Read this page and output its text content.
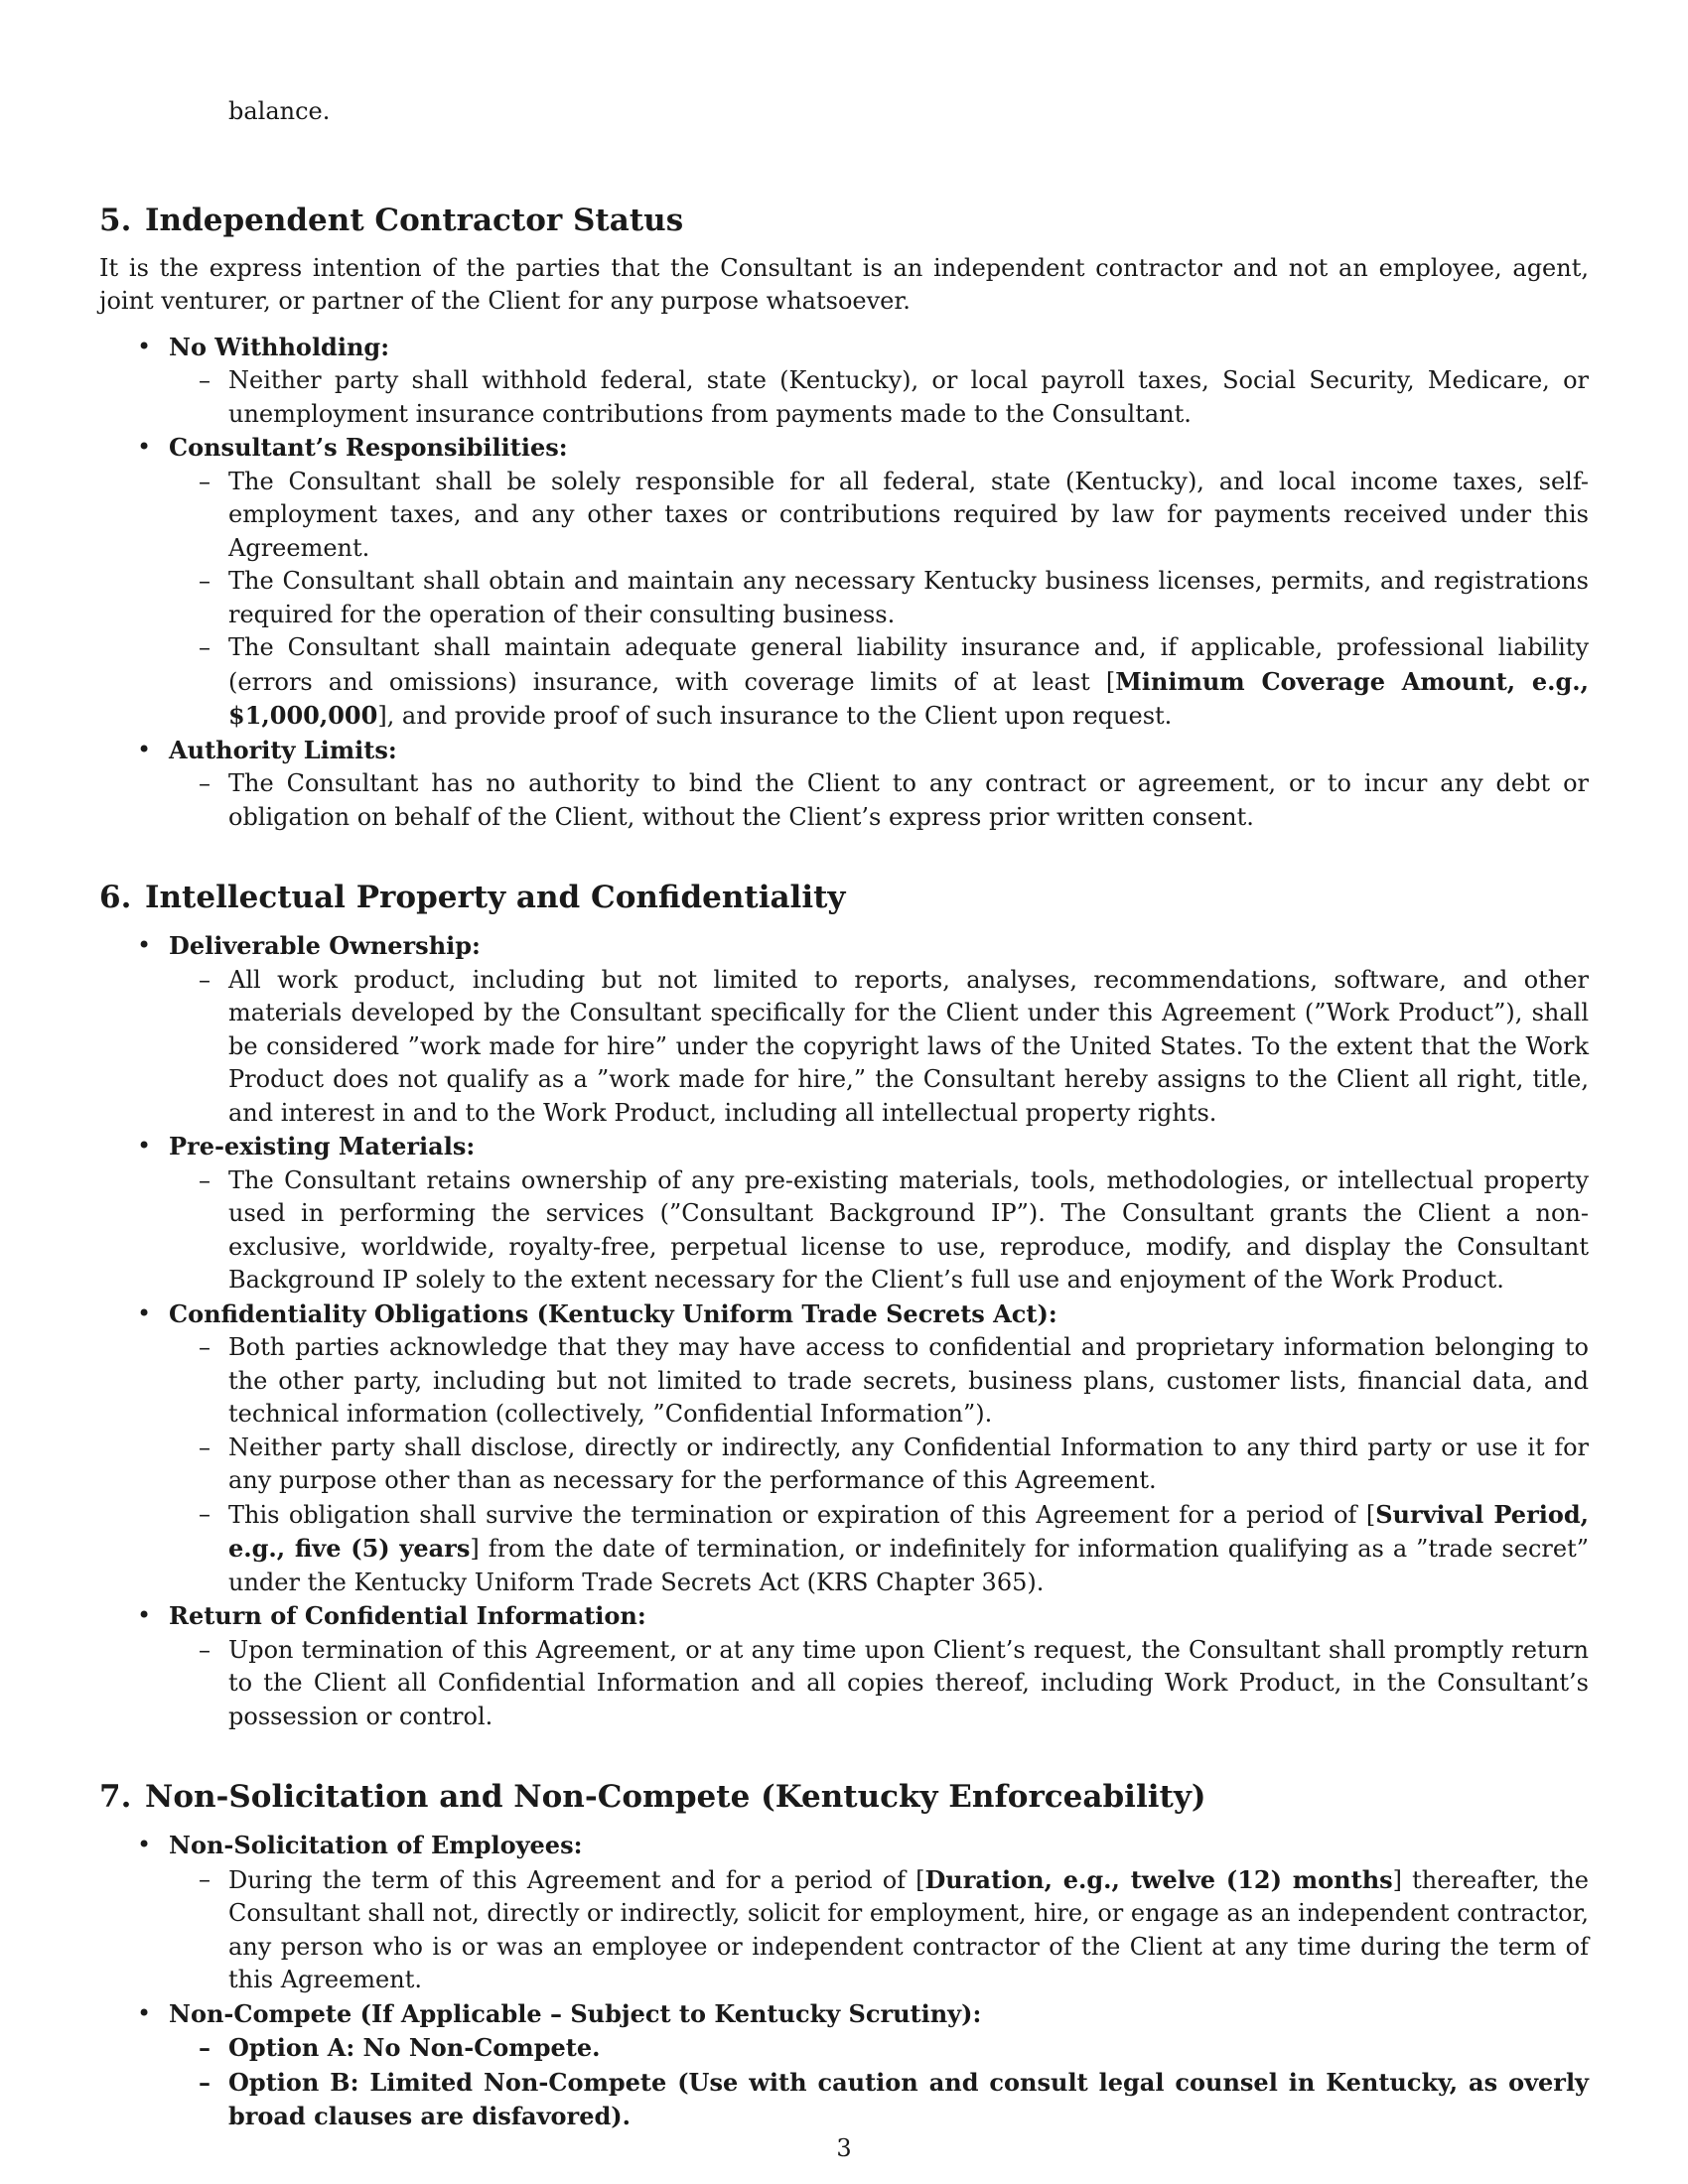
balance.

5. Independent Contractor Status

It is the express intention of the parties that the Consultant is an independent contractor and not an employee, agent, joint venturer, or partner of the Client for any purpose whatsoever.

• No Withholding:
– Neither party shall withhold federal, state (Kentucky), or local payroll taxes, Social Security, Medicare, or unemployment insurance contributions from payments made to the Consultant.
• Consultant’s Responsibilities:
– The Consultant shall be solely responsible for all federal, state (Kentucky), and local income taxes, self-employment taxes, and any other taxes or contributions required by law for payments received under this Agreement.
– The Consultant shall obtain and maintain any necessary Kentucky business licenses, permits, and registrations required for the operation of their consulting business.
– The Consultant shall maintain adequate general liability insurance and, if applicable, professional liability (errors and omissions) insurance, with coverage limits of at least [Minimum Coverage Amount, e.g., $1,000,000], and provide proof of such insurance to the Client upon request.
• Authority Limits:
– The Consultant has no authority to bind the Client to any contract or agreement, or to incur any debt or obligation on behalf of the Client, without the Client’s express prior written consent.
6. Intellectual Property and Confidentiality
• Deliverable Ownership:
– All work product, including but not limited to reports, analyses, recommendations, software, and other materials developed by the Consultant specifically for the Client under this Agreement (”Work Product”), shall be considered ”work made for hire” under the copyright laws of the United States. To the extent that the Work Product does not qualify as a ”work made for hire,” the Consultant hereby assigns to the Client all right, title, and interest in and to the Work Product, including all intellectual property rights.
• Pre-existing Materials:
– The Consultant retains ownership of any pre-existing materials, tools, methodologies, or intellectual property used in performing the services (”Consultant Background IP”). The Consultant grants the Client a non-exclusive, worldwide, royalty-free, perpetual license to use, reproduce, modify, and display the Consultant Background IP solely to the extent necessary for the Client’s full use and enjoyment of the Work Product.
• Confidentiality Obligations (Kentucky Uniform Trade Secrets Act):
– Both parties acknowledge that they may have access to confidential and proprietary information belonging to the other party, including but not limited to trade secrets, business plans, customer lists, financial data, and technical information (collectively, ”Confidential Information”).
– Neither party shall disclose, directly or indirectly, any Confidential Information to any third party or use it for any purpose other than as necessary for the performance of this Agreement.
– This obligation shall survive the termination or expiration of this Agreement for a period of [Survival Period, e.g., five (5) years] from the date of termination, or indefinitely for information qualifying as a ”trade secret” under the Kentucky Uniform Trade Secrets Act (KRS Chapter 365).
• Return of Confidential Information:
– Upon termination of this Agreement, or at any time upon Client’s request, the Consultant shall promptly return to the Client all Confidential Information and all copies thereof, including Work Product, in the Consultant’s possession or control.
7. Non-Solicitation and Non-Compete (Kentucky Enforceability)
• Non-Solicitation of Employees:
– During the term of this Agreement and for a period of [Duration, e.g., twelve (12) months] thereafter, the Consultant shall not, directly or indirectly, solicit for employment, hire, or engage as an independent contractor, any person who is or was an employee or independent contractor of the Client at any time during the term of this Agreement.
• Non-Compete (If Applicable – Subject to Kentucky Scrutiny):
– Option A: No Non-Compete.
– Option B: Limited Non-Compete (Use with caution and consult legal counsel in Kentucky, as overly broad clauses are disfavored).
3
